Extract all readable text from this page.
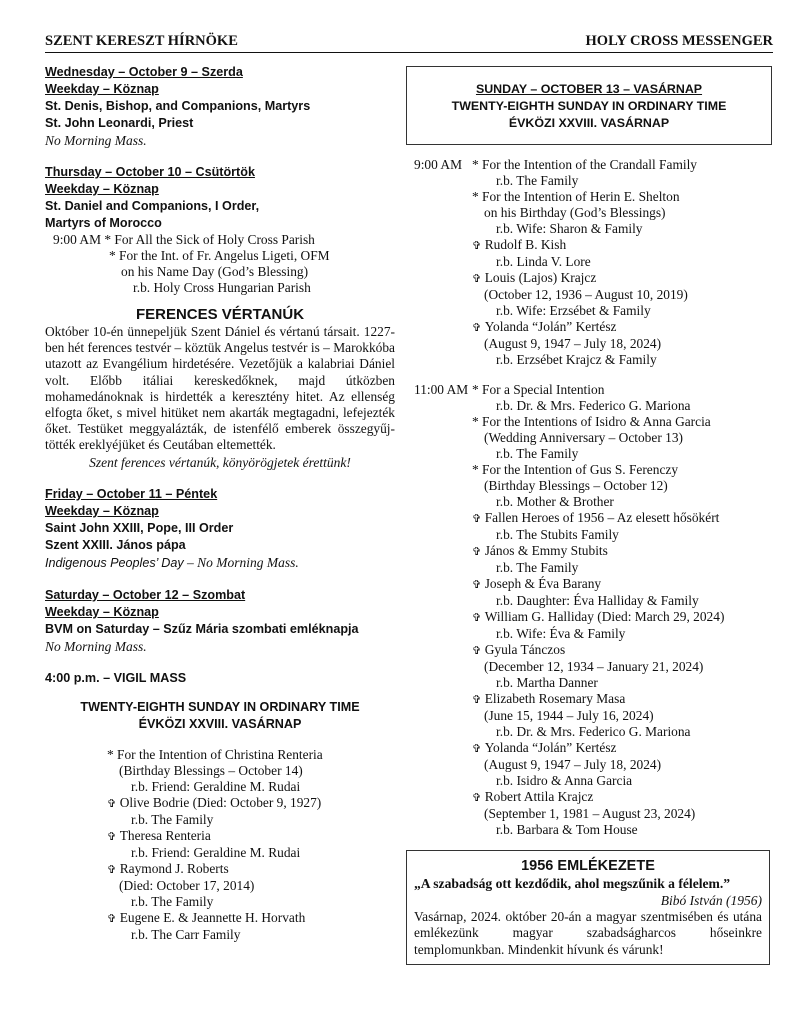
SZENT KERESZT HÍRNÖKE	HOLY CROSS MESSENGER
Wednesday – October 9 – Szerda
Weekday – Köznap
St. Denis, Bishop, and Companions, Martyrs
St. John Leonardi, Priest
No Morning Mass.
Thursday – October 10 – Csütörtök
Weekday – Köznap
St. Daniel and Companions, I Order,
Martyrs of Morocco
9:00 AM * For All the Sick of Holy Cross Parish
* For the Int. of Fr. Angelus Ligeti, OFM
on his Name Day (God’s Blessing)
r.b. Holy Cross Hungarian Parish
FERENCES VÉRTANÚK
Október 10-én ünnepeljük Szent Dániel és vértanú társait. 1227-ben hét ferences testvér – köztük Angelus testvér is – Marokkóba utazott az Evangélium hirdetésére. Vezetőjük a kalabriai Dániel volt. Előbb itáliai kereskedőknek, majd útközben mohamedánoknak is hirdették a keresztény hitet. Az ellenség elfogta őket, s mivel hitüket nem akarták megtagadni, lefejezték őket. Testüket meggyalázták, de istenfélő emberek összegyűjtötték ereklyéjüket és Ceutában eltemették.
Szent ferences vértanúk, könyörögjetek érettünk!
Friday – October 11 – Péntek
Weekday – Köznap
Saint John XXIII, Pope, III Order
Szent XXIII. János pápa
Indigenous Peoples’ Day – No Morning Mass.
Saturday – October 12 – Szombat
Weekday – Köznap
BVM on Saturday – Szűz Mária szombati emléknapja
No Morning Mass.
4:00 p.m. – VIGIL MASS
TWENTY-EIGHTH SUNDAY IN ORDINARY TIME
ÉVKÖZI XXVIII. VASÁRNAP
* For the Intention of Christina Renteria
(Birthday Blessings – October 14)
r.b. Friend: Geraldine M. Rudai
✞ Olive Bodrie (Died: October 9, 1927)
r.b. The Family
✞ Theresa Renteria
r.b. Friend: Geraldine M. Rudai
✞ Raymond J. Roberts
(Died: October 17, 2014)
r.b. The Family
✞ Eugene E. & Jeannette H. Horvath
r.b. The Carr Family
SUNDAY – OCTOBER 13 – VASÁRNAP
TWENTY-EIGHTH SUNDAY IN ORDINARY TIME
ÉVKÖZI XXVIII. VASÁRNAP
9:00 AM * For the Intention of the Crandall Family
r.b. The Family
* For the Intention of Herin E. Shelton
on his Birthday (God’s Blessings)
r.b. Wife: Sharon & Family
✞ Rudolf B. Kish
r.b. Linda V. Lore
✞ Louis (Lajos) Krajcz
(October 12, 1936 – August 10, 2019)
r.b. Wife: Erzsébet & Family
✞ Yolanda “Jolán” Kertész
(August 9, 1947 – July 18, 2024)
r.b. Erzsébet Krajcz & Family
11:00 AM * For a Special Intention
r.b. Dr. & Mrs. Federico G. Mariona
* For the Intentions of Isidro & Anna Garcia
(Wedding Anniversary – October 13)
r.b. The Family
* For the Intention of Gus S. Ferenczy
(Birthday Blessings – October 12)
r.b. Mother & Brother
✞ Fallen Heroes of 1956 – Az elesett hősökért
r.b. The Stubits Family
✞ János & Emmy Stubits
r.b. The Family
✞ Joseph & Éva Barany
r.b. Daughter: Éva Halliday & Family
✞ William G. Halliday (Died: March 29, 2024)
r.b. Wife: Éva & Family
✞ Gyula Tánczos
(December 12, 1934 – January 21, 2024)
r.b. Martha Danner
✞ Elizabeth Rosemary Masa
(June 15, 1944 – July 16, 2024)
r.b. Dr. & Mrs. Federico G. Mariona
✞ Yolanda “Jolán” Kertész
(August 9, 1947 – July 18, 2024)
r.b. Isidro & Anna Garcia
✞ Robert Attila Krajcz
(September 1, 1981 – August 23, 2024)
r.b. Barbara & Tom House
1956 EMLÉKEZETE
„A szabadság ott kezdődik, ahol megszűnik a félelem.”
Bibó István (1956)
Vasárnap, 2024. október 20-án a magyar szentmisében és utána emlékezünk magyar szabadságharcos hőseinkre templomunkban. Mindenkit hívunk és várunk!
